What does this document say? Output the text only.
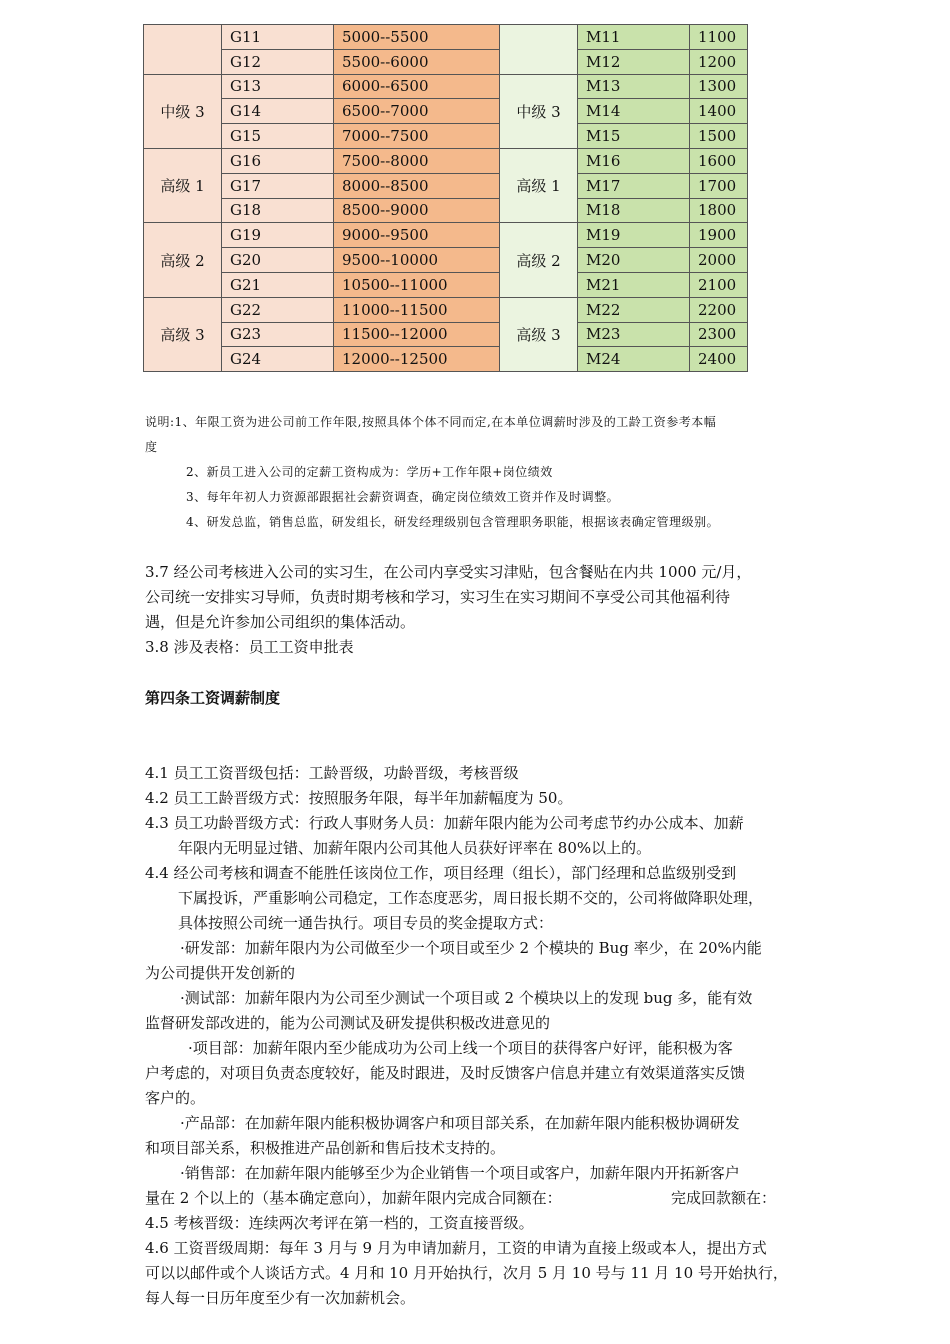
	G11	5000--5500		M11	1100
	G12	5500--6000		M12	1200
中级 3	G13	6000--6500	中级 3	M13	1300
	G14	6500--7000		M14	1400
	G15	7000--7500		M15	1500
高级 1	G16	7500--8000	高级 1	M16	1600
	G17	8000--8500		M17	1700
	G18	8500--9000		M18	1800
高级 2	G19	9000--9500	高级 2	M19	1900
	G20	9500--10000		M20	2000
	G21	10500--11000		M21	2100
高级 3	G22	11000--11500	高级 3	M22	2200
	G23	11500--12000		M23	2300
	G24	12000--12500		M24	2400
说明:1、年限工资为进公司前工作年限,按照具体个体不同而定,在本单位调薪时涉及的工龄工资参考本幅
度
2、新员工进入公司的定薪工资构成为：学历+工作年限+岗位绩效
3、每年年初人力资源部跟据社会薪资调查，确定岗位绩效工资并作及时调整。
4、研发总监，销售总监，研发组长，研发经理级别包含管理职务职能，根据该表确定管理级别。
3.7 经公司考核进入公司的实习生，在公司内享受实习津贴，包含餐贴在内共 1000 元/月，
公司统一安排实习导师，负责时期考核和学习，实习生在实习期间不享受公司其他福利待
遇，但是允许参加公司组织的集体活动。
3.8 涉及表格：员工工资申批表
第四条工资调薪制度
4.1 员工工资晋级包括：工龄晋级，功龄晋级，考核晋级
4.2 员工工龄晋级方式：按照服务年限，每半年加薪幅度为 50。
4.3 员工功龄晋级方式：行政人事财务人员：加薪年限内能为公司考虑节约办公成本、加薪
年限内无明显过错、加薪年限内公司其他人员获好评率在 80%以上的。
4.4 经公司考核和调查不能胜任该岗位工作，项目经理（组长），部门经理和总监级别受到
下属投诉，严重影响公司稳定，工作态度恶劣，周日报长期不交的，公司将做降职处理，
具体按照公司统一通告执行。项目专员的奖金提取方式：
·研发部：加薪年限内为公司做至少一个项目或至少 2 个模块的 Bug 率少，在 20%内能
为公司提供开发创新的
·测试部：加薪年限内为公司至少测试一个项目或 2 个模块以上的发现 bug 多，能有效
监督研发部改进的，能为公司测试及研发提供积极改进意见的
·项目部：加薪年限内至少能成功为公司上线一个项目的获得客户好评，能积极为客
户考虑的，对项目负责态度较好，能及时跟进，及时反馈客户信息并建立有效渠道落实反馈
客户的。
·产品部：在加薪年限内能积极协调客户和项目部关系，在加薪年限内能积极协调研发
和项目部关系，积极推进产品创新和售后技术支持的。
·销售部：在加薪年限内能够至少为企业销售一个项目或客户，加薪年限内开拓新客户
量在 2 个以上的（基本确定意向），加薪年限内完成合同额在：	完成回款额在：
4.5 考核晋级：连续两次考评在第一档的，工资直接晋级。
4.6 工资晋级周期：每年 3 月与 9 月为申请加薪月，工资的申请为直接上级或本人，提出方式
可以以邮件或个人谈话方式。4 月和 10 月开始执行，次月 5 月 10 号与 11 月 10 号开始执行，
每人每一日历年度至少有一次加薪机会。
